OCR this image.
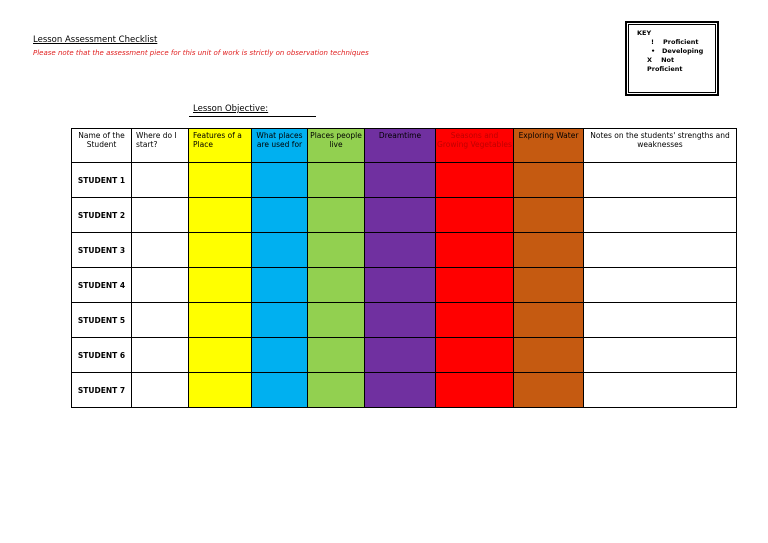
Lesson Assessment Checklist
Please note that the assessment piece for this unit of work is strictly on observation techniques
KEY
! Proficient
• Developing
X Not Proficient
Lesson Objective:
Name of the Student	Where do I start?	Features of a Place	What places are used for	Places people live	Dreamtime	Seasons and Growing Vegetables	Exploring Water	Notes on the students' strengths and weaknesses
STUDENT 1								
STUDENT 2								
STUDENT 3								
STUDENT 4								
STUDENT 5								
STUDENT 6								
STUDENT 7								
